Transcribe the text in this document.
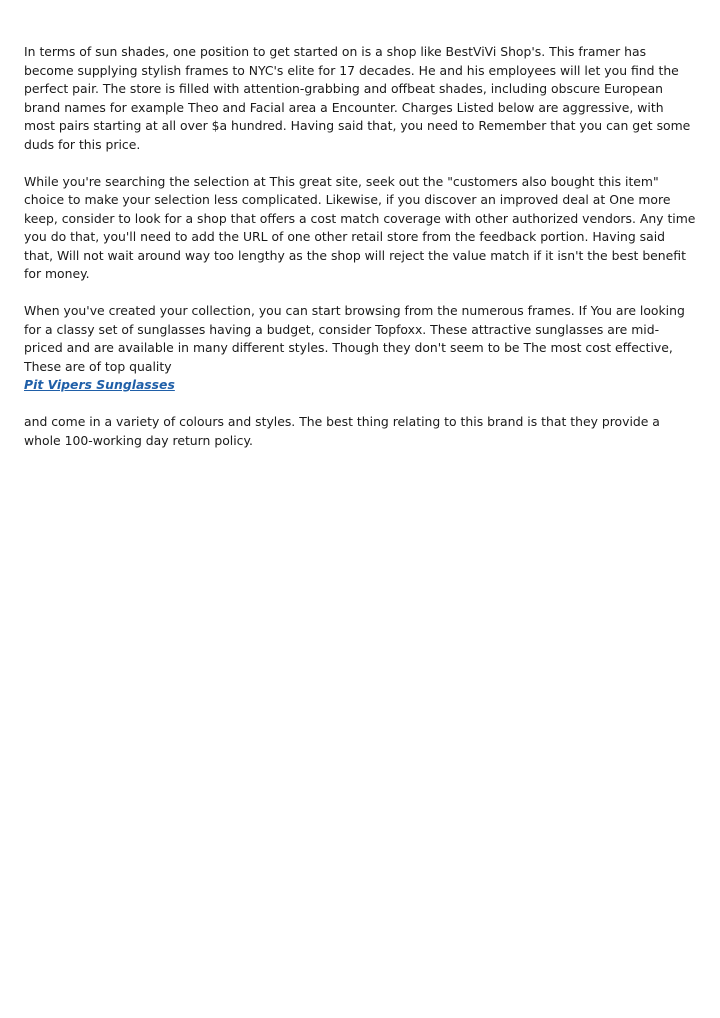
In terms of sun shades, one position to get started on is a shop like BestViVi Shop's. This framer has become supplying stylish frames to NYC's elite for 17 decades. He and his employees will let you find the perfect pair. The store is filled with attention-grabbing and offbeat shades, including obscure European brand names for example Theo and Facial area a Encounter. Charges Listed below are aggressive, with most pairs starting at all over $a hundred. Having said that, you need to Remember that you can get some duds for this price.

While you're searching the selection at This great site, seek out the "customers also bought this item" choice to make your selection less complicated. Likewise, if you discover an improved deal at One more keep, consider to look for a shop that offers a cost match coverage with other authorized vendors. Any time you do that, you'll need to add the URL of one other retail store from the feedback portion. Having said that, Will not wait around way too lengthy as the shop will reject the value match if it isn't the best benefit for money.

When you've created your collection, you can start browsing from the numerous frames. If You are looking for a classy set of sunglasses having a budget, consider Topfoxx. These attractive sunglasses are mid-priced and are available in many different styles. Though they don't seem to be The most cost effective, These are of top quality

Pit Vipers Sunglasses

and come in a variety of colours and styles. The best thing relating to this brand is that they provide a whole 100-working day return policy.
